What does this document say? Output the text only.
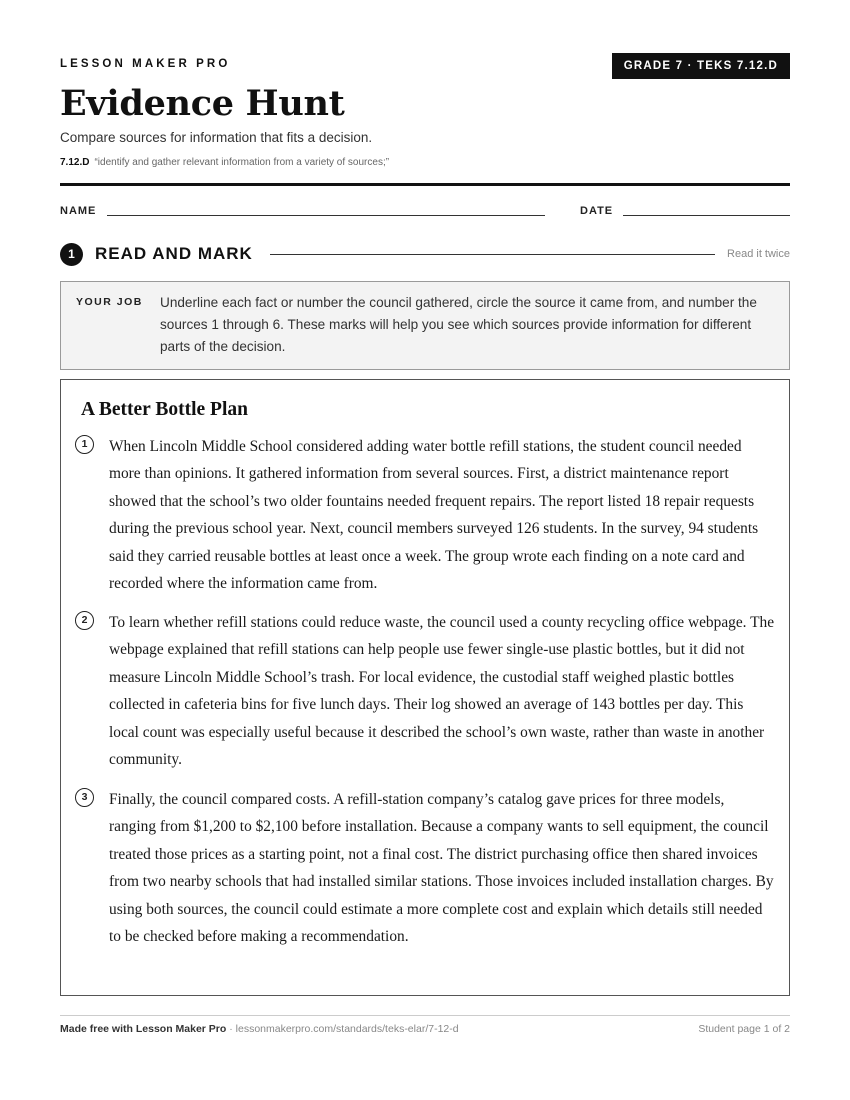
LESSON MAKER PRO	GRADE 7 · TEKS 7.12.D
Evidence Hunt
Compare sources for information that fits a decision.
7.12.D “identify and gather relevant information from a variety of sources;”
NAME	DATE
1	READ AND MARK	Read it twice
YOUR JOB Underline each fact or number the council gathered, circle the source it came from, and number the sources 1 through 6. These marks will help you see which sources provide information for different parts of the decision.
A Better Bottle Plan
1	When Lincoln Middle School considered adding water bottle refill stations, the student council needed more than opinions. It gathered information from several sources. First, a district maintenance report showed that the school’s two older fountains needed frequent repairs. The report listed 18 repair requests during the previous school year. Next, council members surveyed 126 students. In the survey, 94 students said they carried reusable bottles at least once a week. The group wrote each finding on a note card and recorded where the information came from.

2	To learn whether refill stations could reduce waste, the council used a county recycling office webpage. The webpage explained that refill stations can help people use fewer single-use plastic bottles, but it did not measure Lincoln Middle School’s trash. For local evidence, the custodial staff weighed plastic bottles collected in cafeteria bins for five lunch days. Their log showed an average of 143 bottles per day. This local count was especially useful because it described the school’s own waste, rather than waste in another community.

3	Finally, the council compared costs. A refill-station company’s catalog gave prices for three models, ranging from $1,200 to $2,100 before installation. Because a company wants to sell equipment, the council treated those prices as a starting point, not a final cost. The district purchasing office then shared invoices from two nearby schools that had installed similar stations. Those invoices included installation charges. By using both sources, the council could estimate a more complete cost and explain which details still needed to be checked before making a recommendation.

Made free with Lesson Maker Pro · lessonmakerpro.com/standards/teks-elar/7-12-d	Student page 1 of 2
